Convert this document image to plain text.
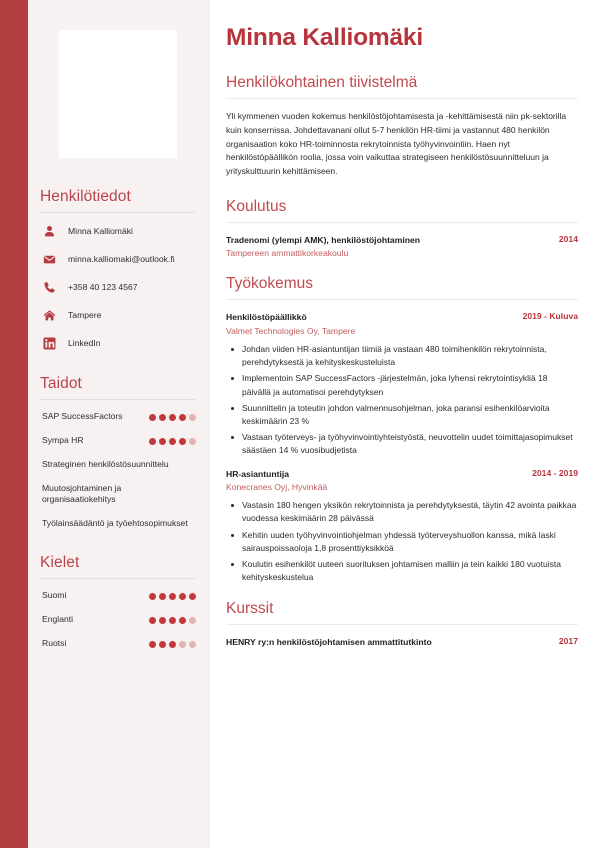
Henkilötiedot
Minna Kalliomäki
minna.kalliomaki@outlook.fi
+358 40 123 4567
Tampere
LinkedIn
Taidot
SAP SuccessFactors
Sympa HR
Strateginen henkilöstösuunnittelu
Muutosjohtaminen ja organisaatiokehitys
Työlainsäädäntö ja työehtosopimukset
Kielet
Suomi
Englanti
Ruotsi
Minna Kalliomäki
Henkilökohtainen tiivistelmä

Yli kymmenen vuoden kokemus henkilöstöjohtamisesta ja -kehittämisestä niin pk-sektorilla kuin konsernissa. Johdettavanani ollut 5-7 henkilön HR-tiimi ja vastannut 480 henkilön organisaation koko HR-toiminnosta rekrytoinnista työhyvinvointiin. Haen nyt henkilöstöpäällikön roolia, jossa voin vaikuttaa strategiseen henkilöstösuunnitteluun ja yrityskulttuurin kehittämiseen.

Koulutus
Tradenomi (ylempi AMK), henkilöstöjohtaminen	2014
Tampereen ammattikorkeakoulu
Työkokemus
Henkilöstöpäällikkö	2019 - Kuluva
Valmet Technologies Oy, Tampere
Johdan viiden HR-asiantuntijan tiimiä ja vastaan 480 toimihenkilön rekrytoinnista, perehdytyksestä ja kehityskeskusteluista
Implementoin SAP SuccessFactors -järjestelmän, joka lyhensi rekrytointisykliä 18 päivällä ja automatisoi perehdytyksen
Suunnittelin ja toteutin johdon valmennusohjelman, joka paransi esihenkilöarvioita keskimäärin 23 %
Vastaan työterveys- ja työhyvinvointiyhteistyöstä, neuvottelin uudet toimittajasopimukset säästäen 14 % vuosibudjetista
HR-asiantuntija	2014 - 2019
Konecranes Oyj, Hyvinkää
Vastasin 180 hengen yksikön rekrytoinnista ja perehdytyksestä, täytin 42 avointa paikkaa vuodessa keskimäärin 28 päivässä
Kehitin uuden työhyvinvointiohjelman yhdessä työterveyshuollon kanssa, mikä laski sairauspoissaoloja 1,8 prosenttiyksikköä
Koulutin esihenkilöt uuteen suorituksen johtamisen malliin ja tein kaikki 180 vuotuista kehityskeskustelua
Kurssit
HENRY ry:n henkilöstöjohtamisen ammattitutkinto	2017
